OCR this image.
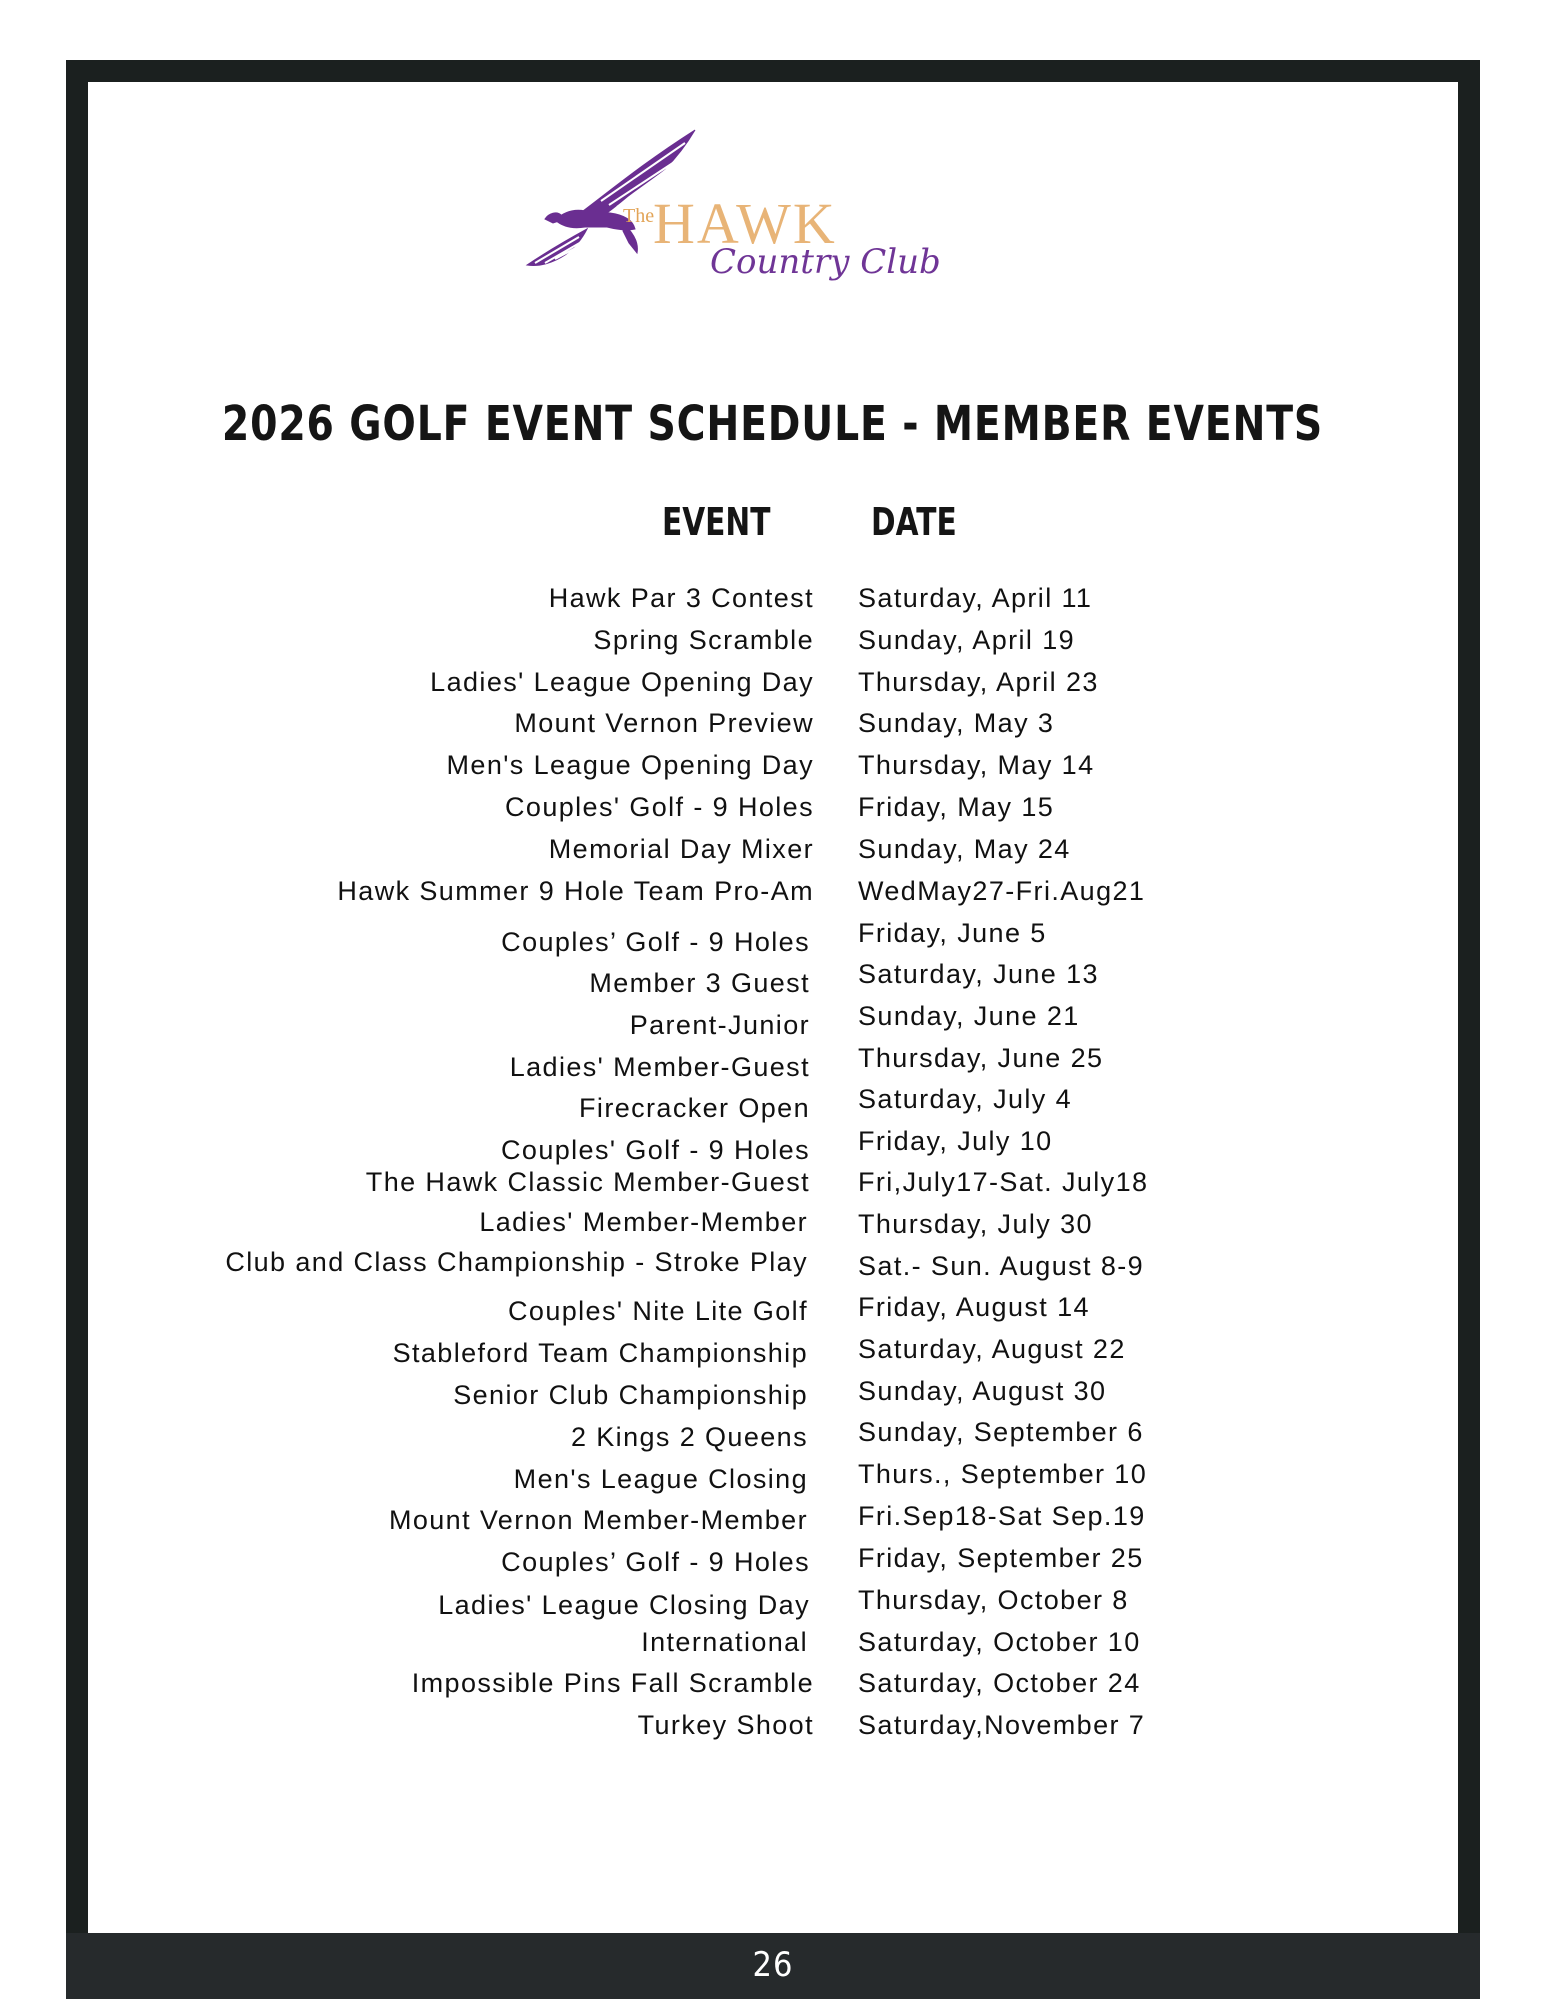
The
HAWK
Country Club
2026 GOLF EVENT SCHEDULE - MEMBER EVENTS
EVENT	DATE
Hawk Par 3 Contest Saturday, April 11
Spring Scramble Sunday, April 19
Ladies' League Opening Day Thursday, April 23
Mount Vernon Preview Sunday, May 3
Men's League Opening Day Thursday, May 14
Couples' Golf - 9 Holes Friday, May 15
Memorial Day Mixer Sunday, May 24
Hawk Summer 9 Hole Team Pro-Am WedMay27-Fri.Aug21
Couples’ Golf - 9 Holes Friday, June 5
Member 3 Guest Saturday, June 13
Parent-Junior Sunday, June 21
Ladies' Member-Guest Thursday, June 25
Firecracker Open Saturday, July 4
Couples' Golf - 9 Holes Friday, July 10
The Hawk Classic Member-Guest Fri,July17-Sat. July18
Ladies' Member-Member Thursday, July 30
Club and Class Championship - Stroke Play Sat.- Sun. August 8-9
Couples' Nite Lite Golf Friday, August 14
Stableford Team Championship Saturday, August 22
Senior Club Championship Sunday, August 30
2 Kings 2 Queens Sunday, September 6
Men's League Closing Thurs., September 10
Mount Vernon Member-Member Fri.Sep18-Sat Sep.19
Couples’ Golf - 9 Holes Friday, September 25
Ladies' League Closing Day Thursday, October 8
International Saturday, October 10
Impossible Pins Fall Scramble Saturday, October 24
Turkey Shoot Saturday,November 7
26
